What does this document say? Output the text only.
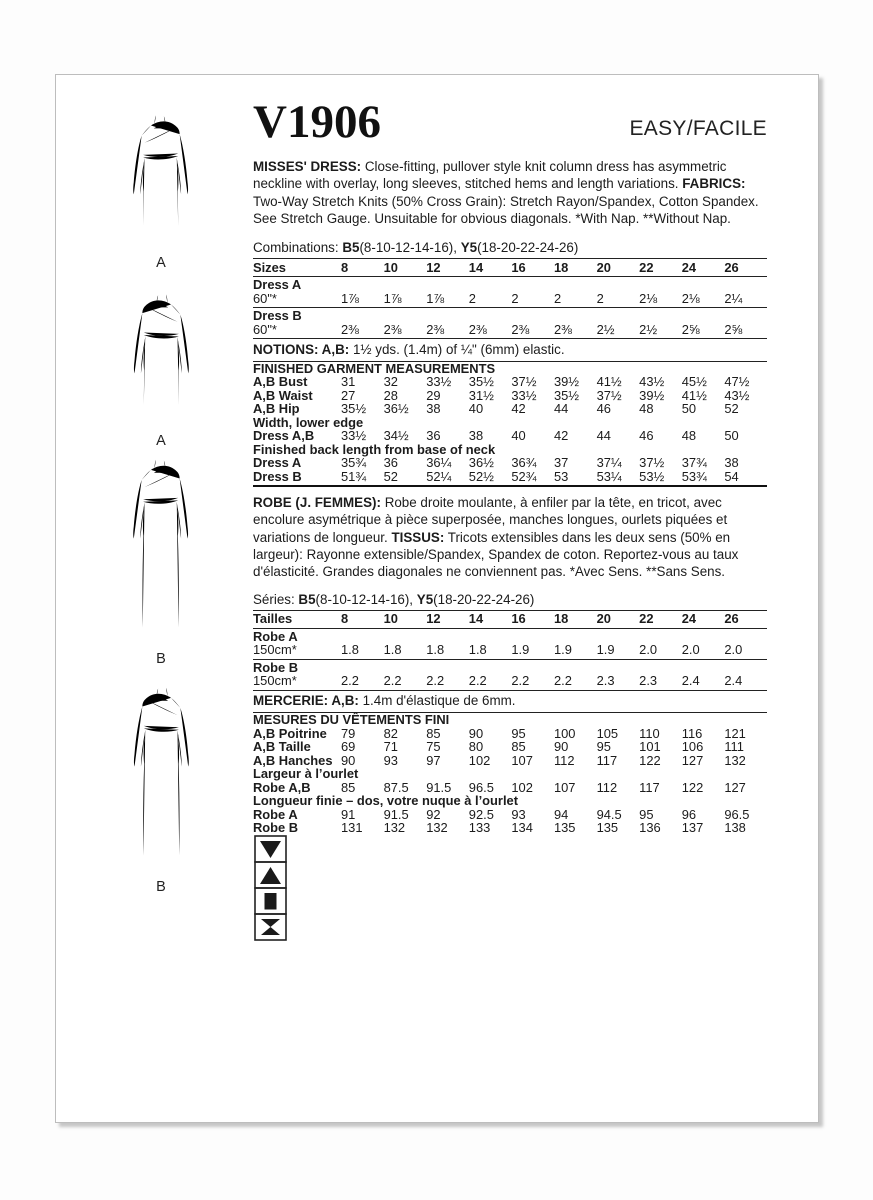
A
A
B
B
V1906	EASY/FACILE
MISSES' DRESS: Close-fitting, pullover style knit column dress has asymmetric neckline with overlay, long sleeves, stitched hems and length variations. FABRICS: Two-Way Stretch Knits (50% Cross Grain): Stretch Rayon/Spandex, Cotton Spandex. See Stretch Gauge. Unsuitable for obvious diagonals. *With Nap. **Without Nap.
Combinations: B5(8-10-12-14-16), Y5(18-20-22-24-26)
Sizes	8	10	12	14	16	18	20	22	24	26
Dress A
60"*	1⅞	1⅞	1⅞	2	2	2	2	2⅛	2⅛	2¼
Dress B
60"*	2⅜	2⅜	2⅜	2⅜	2⅜	2⅜	2½	2½	2⅝	2⅝
NOTIONS: A,B: 1½ yds. (1.4m) of ¼" (6mm) elastic.
FINISHED GARMENT MEASUREMENTS
A,B Bust	31	32	33½	35½	37½	39½	41½	43½	45½	47½
A,B Waist	27	28	29	31½	33½	35½	37½	39½	41½	43½
A,B Hip	35½	36½	38	40	42	44	46	48	50	52
Width, lower edge
Dress A,B	33½	34½	36	38	40	42	44	46	48	50
Finished back length from base of neck
Dress A	35¾	36	36¼	36½	36¾	37	37¼	37½	37¾	38
Dress B	51¾	52	52¼	52½	52¾	53	53¼	53½	53¾	54
ROBE (J. FEMMES): Robe droite moulante, à enfiler par la tête, en tricot, avec encolure asymétrique à pièce superposée, manches longues, ourlets piquées et variations de longueur. TISSUS: Tricots extensibles dans les deux sens (50% en largeur): Rayonne extensible/Spandex, Spandex de coton. Reportez-vous au taux d'élasticité. Grandes diagonales ne conviennent pas. *Avec Sens. **Sans Sens.
Séries: B5(8-10-12-14-16), Y5(18-20-22-24-26)
Tailles	8	10	12	14	16	18	20	22	24	26
Robe A
150cm*	1.8	1.8	1.8	1.8	1.9	1.9	1.9	2.0	2.0	2.0
Robe B
150cm*	2.2	2.2	2.2	2.2	2.2	2.2	2.3	2.3	2.4	2.4
MERCERIE: A,B: 1.4m d'élastique de 6mm.
MESURES DU VÊTEMENTS FINI
A,B Poitrine	79	82	85	90	95	100	105	110	116	121
A,B Taille	69	71	75	80	85	90	95	101	106	111
A,B Hanches 90	93	97	102	107	112	117	122	127	132
Largeur à l’ourlet
Robe A,B	85	87.5	91.5	96.5	102	107	112	117	122	127
Longueur finie – dos, votre nuque à l’ourlet
Robe A	91	91.5	92	92.5	93	94	94.5	95	96	96.5
Robe B	131	132	132	133	134	135	135	136	137	138
